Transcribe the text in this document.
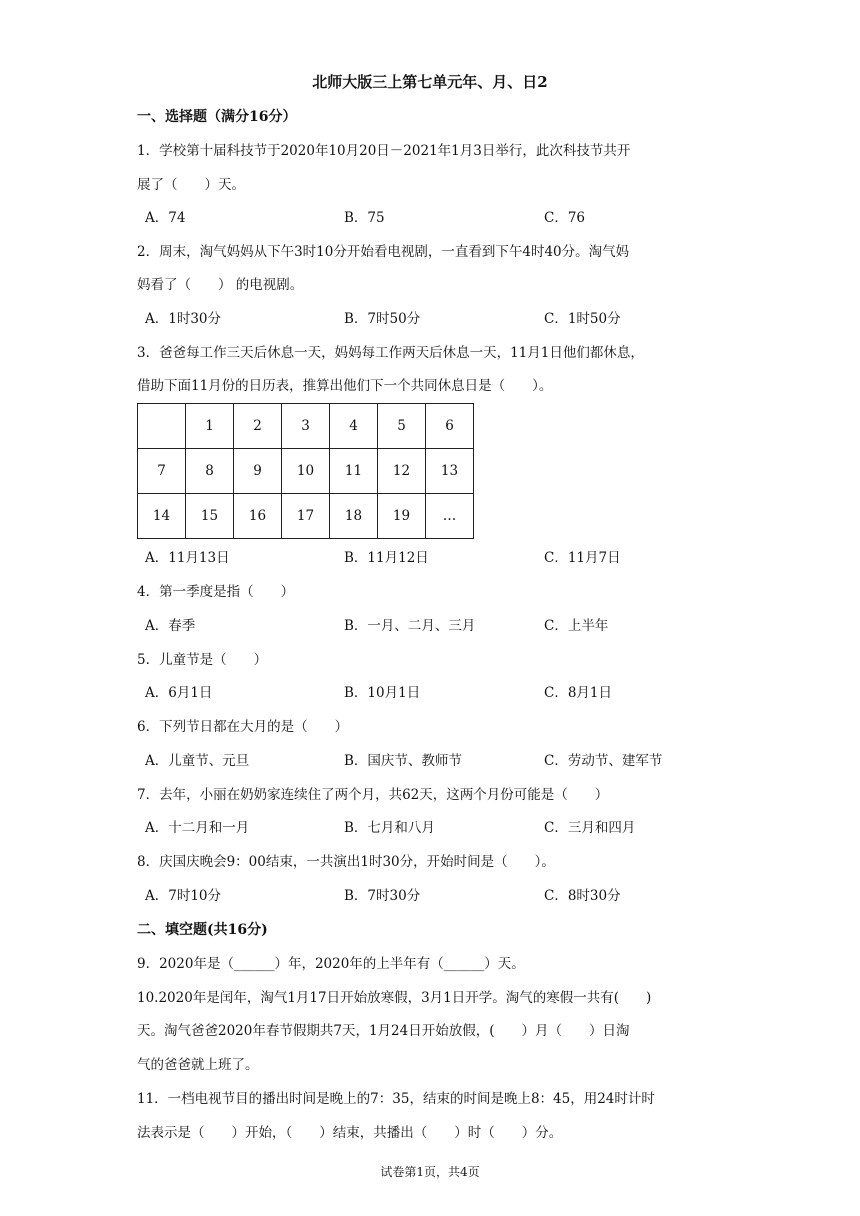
北师大版三上第七单元年、月、日2
一、选择题（满分16分）
1．学校第十届科技节于2020年10月20日－2021年1月3日举行，此次科技节共开
展了（　　）天。
A．74	B．75	C．76
2．周末，淘气妈妈从下午3时10分开始看电视剧，一直看到下午4时40分。淘气妈
妈看了（　　） 的电视剧。
A．1时30分	B．7时50分	C．1时50分
3．爸爸每工作三天后休息一天，妈妈每工作两天后休息一天，11月1日他们都休息，
借助下面11月份的日历表，推算出他们下一个共同休息日是（　　）。
	1	2	3	4	5	6
7	8	9	10	11	12	13
14	15	16	17	18	19	…
A．11月13日	B．11月12日	C．11月7日
4．第一季度是指（　　）
A．春季	B．一月、二月、三月	C．上半年
5．儿童节是（　　）
A．6月1日	B．10月1日	C．8月1日
6．下列节日都在大月的是（　　）
A．儿童节、元旦	B．国庆节、教师节	C．劳动节、建军节
7．去年，小丽在奶奶家连续住了两个月，共62天，这两个月份可能是（　　）
A．十二月和一月	B．七月和八月	C．三月和四月
8．庆国庆晚会9：00结束，一共演出1时30分，开始时间是（　　）。
A．7时10分	B．7时30分	C．8时30分
二、填空题(共16分)
9．2020年是（______）年，2020年的上半年有（______）天。
10.2020年是闰年，淘气1月17日开始放寒假，3月1日开学。淘气的寒假一共有(　　)
天。淘气爸爸2020年春节假期共7天，1月24日开始放假，(　　）月（　　）日淘
气的爸爸就上班了。
11．一档电视节目的播出时间是晚上的7：35，结束的时间是晚上8：45，用24时计时
法表示是（　　）开始，（　　）结束，共播出（　　）时（　　）分。
试卷第1页，共4页
